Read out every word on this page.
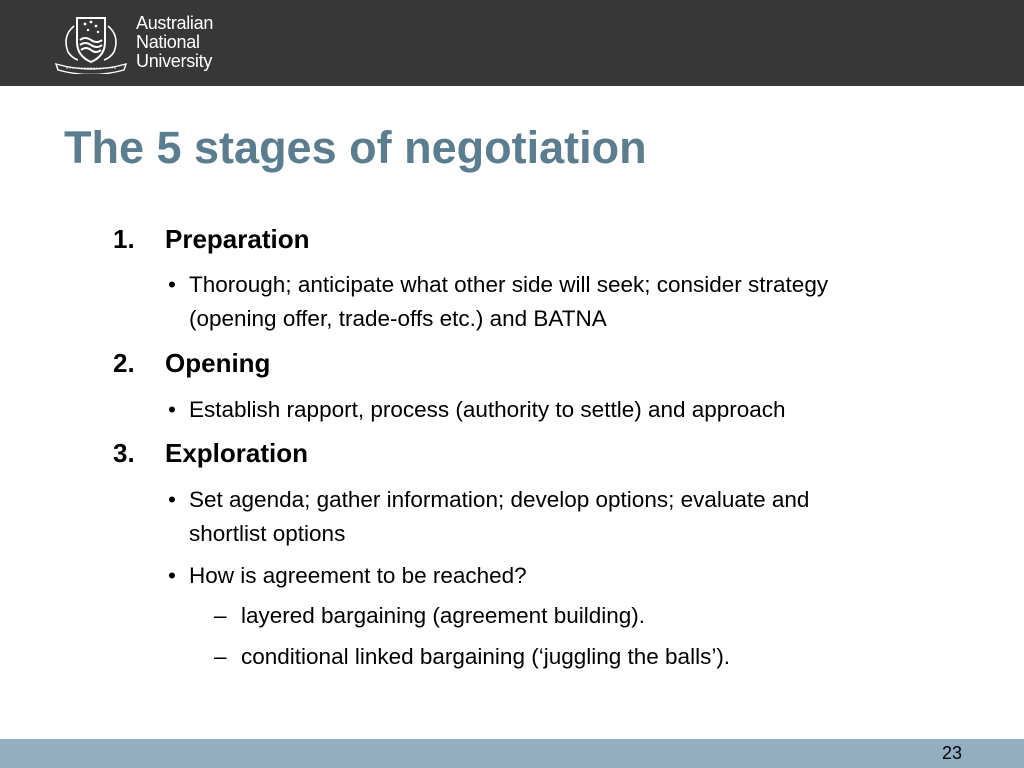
Australian
National
University
The 5 stages of negotiation
1. Preparation
• Thorough; anticipate what other side will seek; consider strategy
(opening offer, trade-offs etc.) and BATNA
2. Opening
• Establish rapport, process (authority to settle) and approach
3. Exploration
• Set agenda; gather information; develop options; evaluate and
shortlist options
• How is agreement to be reached?
– layered bargaining (agreement building).
– conditional linked bargaining (‘juggling the balls’).
23
